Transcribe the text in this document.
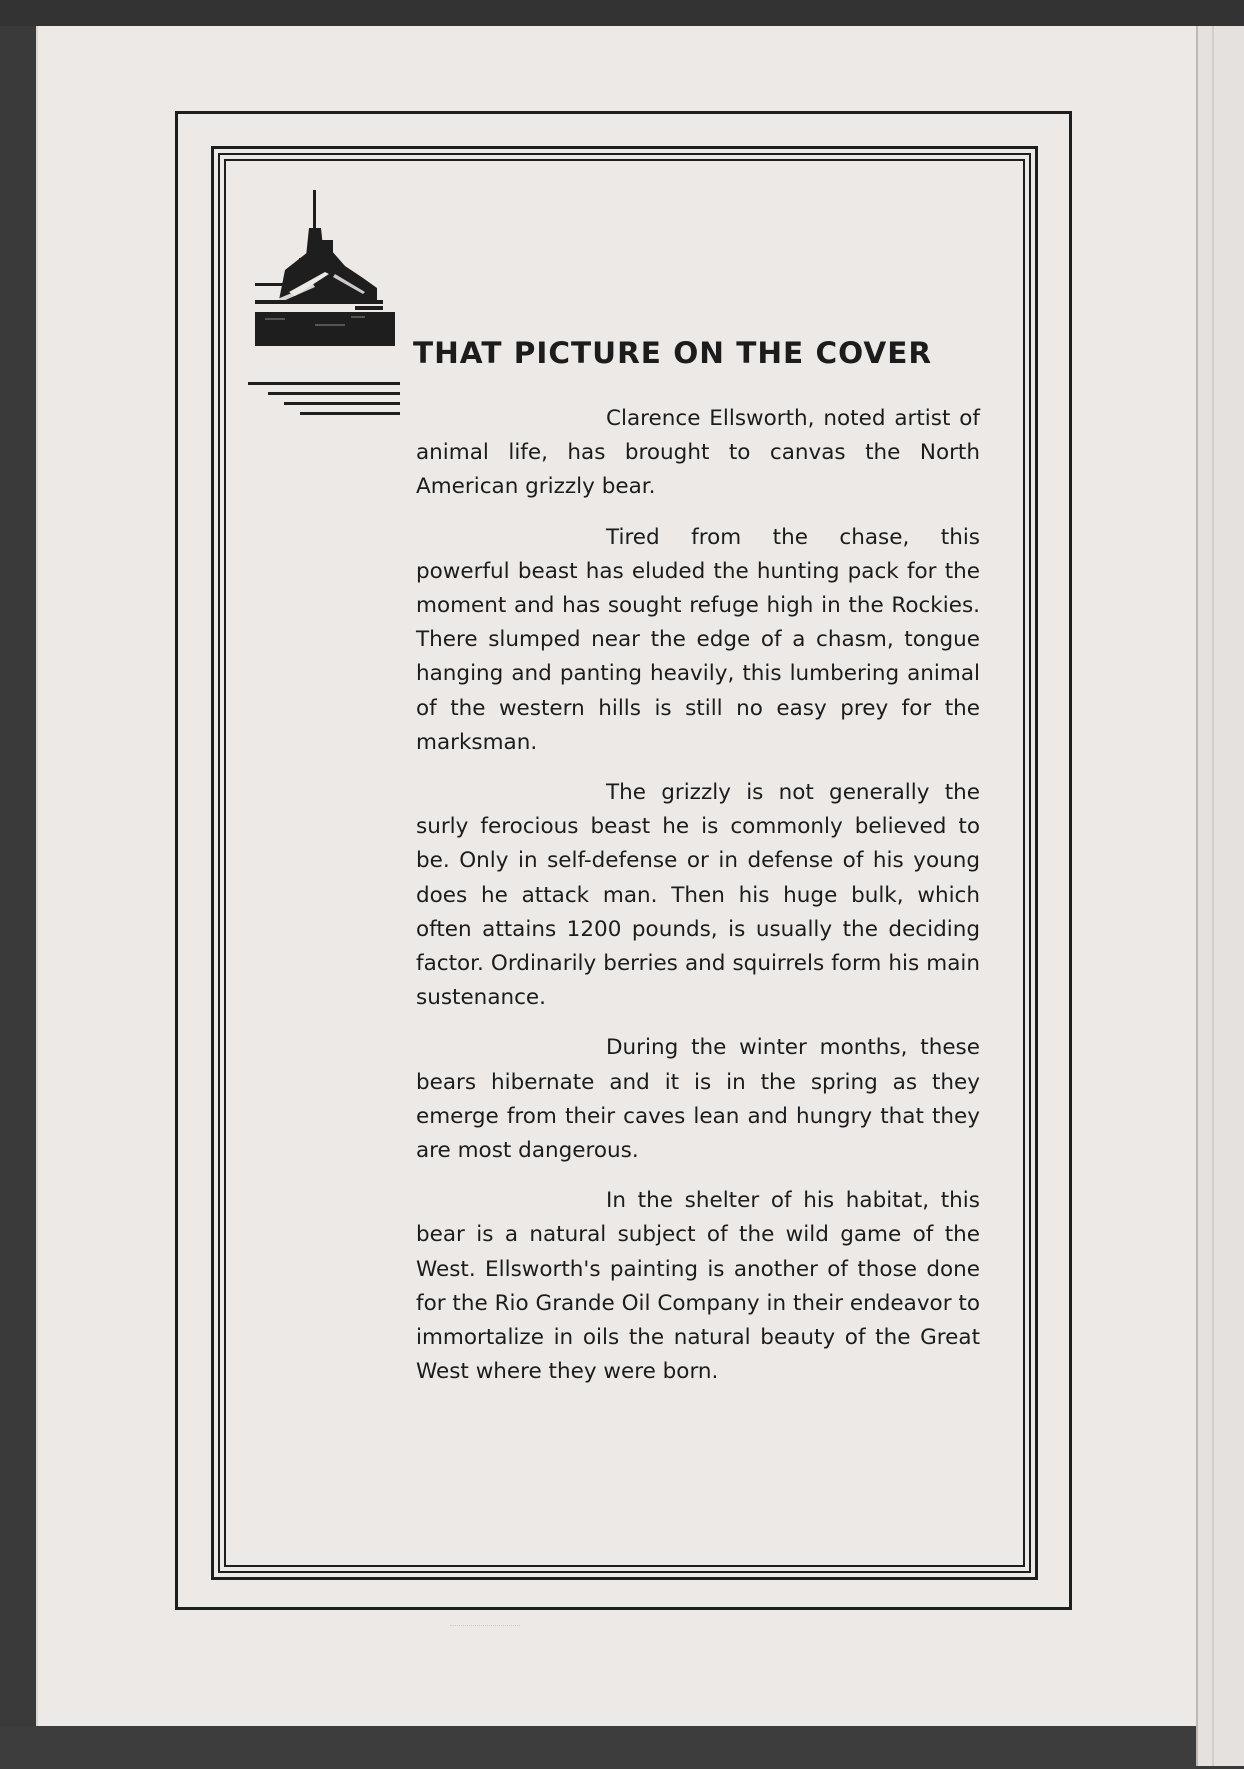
THAT PICTURE ON THE COVER

Clarence Ellsworth, noted artist of animal life, has brought to canvas the North American grizzly bear.

Tired from the chase, this powerful beast has eluded the hunting pack for the moment and has sought refuge high in the Rockies. There slumped near the edge of a chasm, tongue hanging and panting heavily, this lumbering animal of the western hills is still no easy prey for the marksman.

The grizzly is not generally the surly ferocious beast he is commonly believed to be. Only in self-defense or in defense of his young does he attack man. Then his huge bulk, which often attains 1200 pounds, is usually the deciding factor. Ordinarily berries and squirrels form his main sustenance.

During the winter months, these bears hibernate and it is in the spring as they emerge from their caves lean and hungry that they are most dangerous.

In the shelter of his habitat, this bear is a natural subject of the wild game of the West. Ellsworth's painting is another of those done for the Rio Grande Oil Company in their endeavor to immortalize in oils the natural beauty of the Great West where they were born.
